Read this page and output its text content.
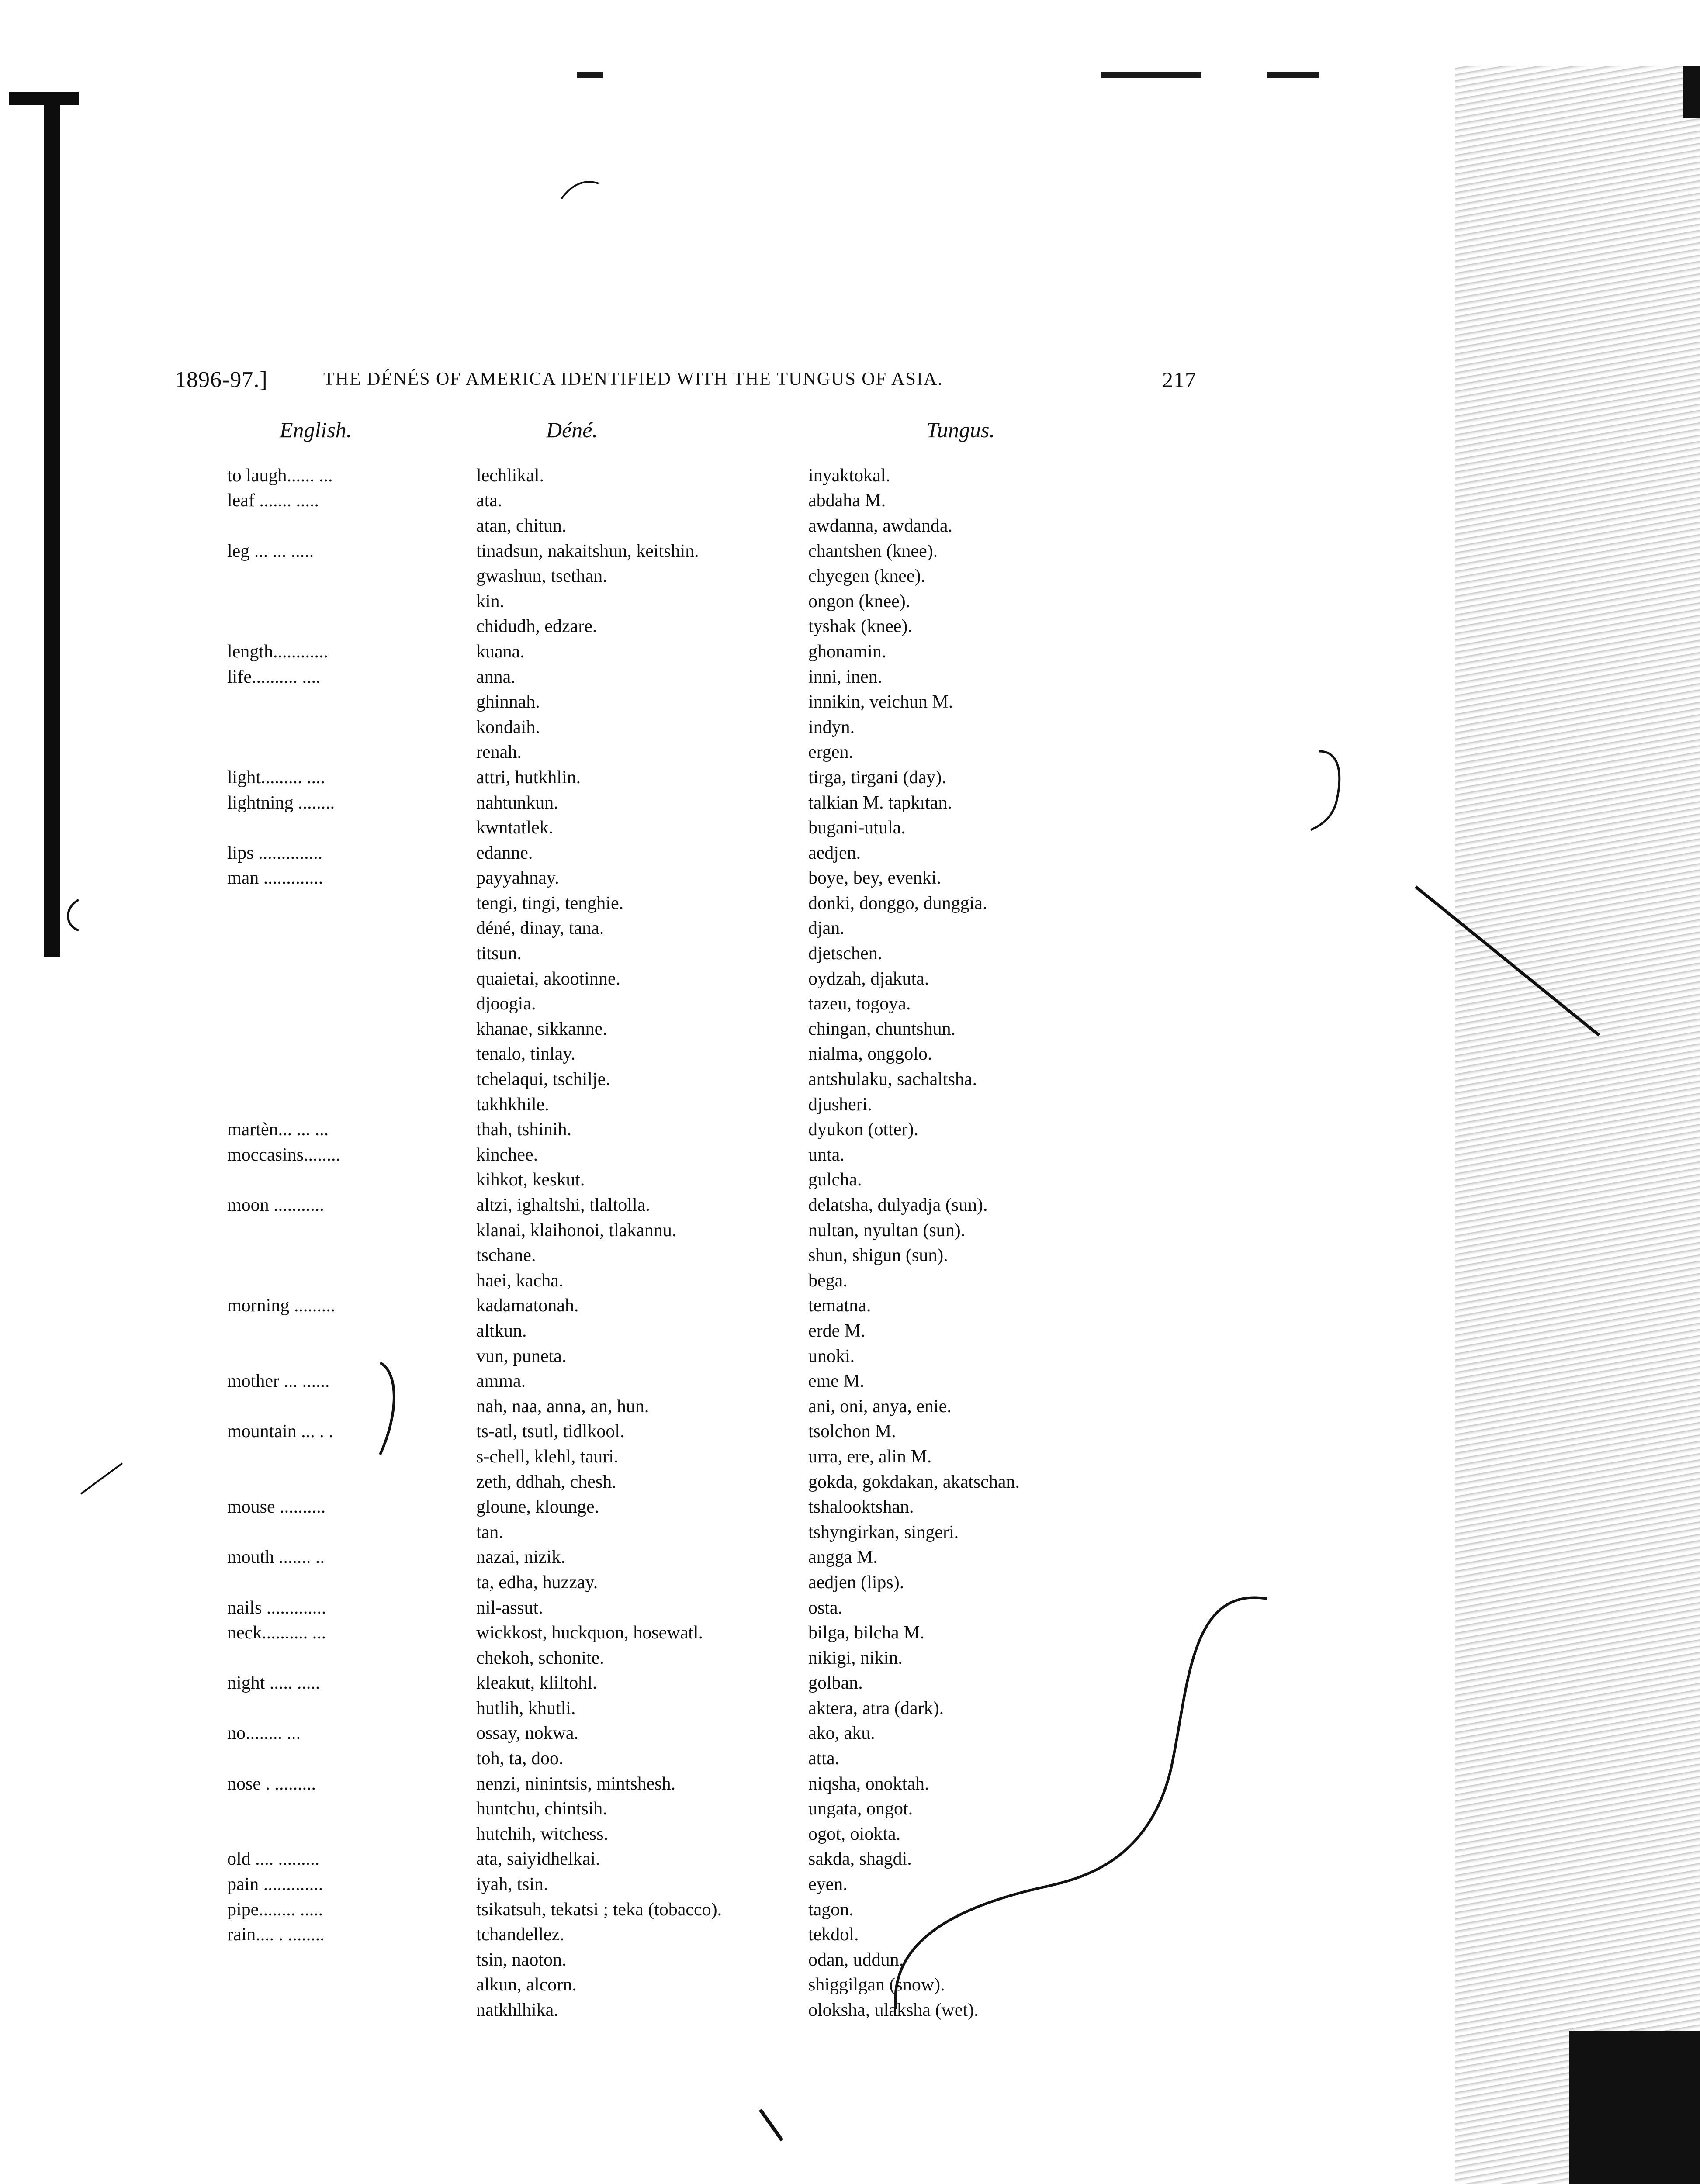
1896-97.]	THE DÉNÉS OF AMERICA IDENTIFIED WITH THE TUNGUS OF ASIA.	217
English.	Déné.	Tungus.
to laugh...... ...	lechlikal.	inyaktokal.
leaf ....... .....	ata.	abdaha M.
	atan, chitun.	awdanna, awdanda.
leg ... ... .....	tinadsun, nakaitshun, keitshin.	chantshen (knee).
	gwashun, tsethan.	chyegen (knee).
	kin.	ongon (knee).
	chidudh, edzare.	tyshak (knee).
length............	kuana.	ghonamin.
life.......... ....	anna.	inni, inen.
	ghinnah.	innikin, veichun M.
	kondaih.	indyn.
	renah.	ergen.
light......... ....	attri, hutkhlin.	tirga, tirgani (day).
lightning ........	nahtunkun.	talkian M. tapkıtan.
	kwntatlek.	bugani-utula.
lips ..............	edanne.	aedjen.
man .............	payyahnay.	boye, bey, evenki.
	tengi, tingi, tenghie.	donki, donggo, dunggia.
	déné, dinay, tana.	djan.
	titsun.	djetschen.
	quaietai, akootinne.	oydzah, djakuta.
	djoogia.	tazeu, togoya.
	khanae, sikkanne.	chingan, chuntshun.
	tenalo, tinlay.	nialma, onggolo.
	tchelaqui, tschilje.	antshulaku, sachaltsha.
	takhkhile.	djusheri.
martèn... ... ...	thah, tshinih.	dyukon (otter).
moccasins........	kinchee.	unta.
	kihkot, keskut.	gulcha.
moon ...........	altzi, ighaltshi, tlaltolla.	delatsha, dulyadja (sun).
	klanai, klaihonoi, tlakannu.	nultan, nyultan (sun).
	tschane.	shun, shigun (sun).
	haei, kacha.	bega.
morning .........	kadamatonah.	tematna.
	altkun.	erde M.
	vun, puneta.	unoki.
mother ... ......	amma.	eme M.
	nah, naa, anna, an, hun.	ani, oni, anya, enie.
mountain ... . .	ts-atl, tsutl, tidlkool.	tsolchon M.
	s-chell, klehl, tauri.	urra, ere, alin M.
	zeth, ddhah, chesh.	gokda, gokdakan, akatschan.
mouse ..........	gloune, klounge.	tshalooktshan.
	tan.	tshyngirkan, singeri.
mouth ....... ..	nazai, nizik.	angga M.
	ta, edha, huzzay.	aedjen (lips).
nails .............	nil-assut.	osta.
neck.......... ...	wickkost, huckquon, hosewatl.	bilga, bilcha M.
	chekoh, schonite.	nikigi, nikin.
night ..... .....	kleakut, kliltohl.	golban.
	hutlih, khutli.	aktera, atra (dark).
no........ ...	ossay, nokwa.	ako, aku.
	toh, ta, doo.	atta.
nose . .........	nenzi, ninintsis, mintshesh.	niqsha, onoktah.
	huntchu, chintsih.	ungata, ongot.
	hutchih, witchess.	ogot, oiokta.
old .... .........	ata, saiyidhelkai.	sakda, shagdi.
pain .............	iyah, tsin.	eyen.
pipe........ .....	tsikatsuh, tekatsi ; teka (tobacco).	tagon.
rain.... . ........	tchandellez.	tekdol.
	tsin, naoton.	odan, uddun.
	alkun, alcorn.	shiggilgan (snow).
	natkhlhika.	oloksha, ulaksha (wet).
